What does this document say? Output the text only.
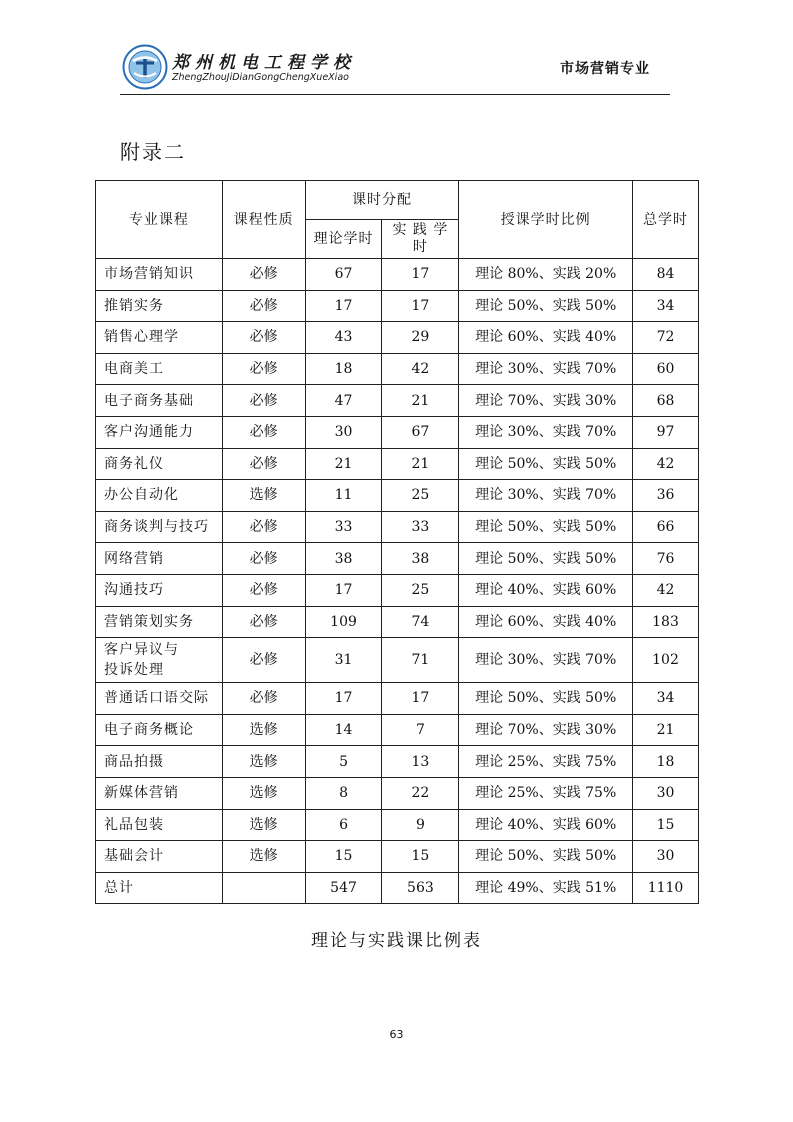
郑州机电工程学校
ZhengZhouJiDianGongChengXueXiao
市场营销专业
附录二
专业课程	课程性质	课时分配		授课学时比例	总学时
		理论学时	实 践 学 时		
市场营销知识	必修	67	17	理论 80%、实践 20%	84
推销实务	必修	17	17	理论 50%、实践 50%	34
销售心理学	必修	43	29	理论 60%、实践 40%	72
电商美工	必修	18	42	理论 30%、实践 70%	60
电子商务基础	必修	47	21	理论 70%、实践 30%	68
客户沟通能力	必修	30	67	理论 30%、实践 70%	97
商务礼仪	必修	21	21	理论 50%、实践 50%	42
办公自动化	选修	11	25	理论 30%、实践 70%	36
商务谈判与技巧	必修	33	33	理论 50%、实践 50%	66
网络营销	必修	38	38	理论 50%、实践 50%	76
沟通技巧	必修	17	25	理论 40%、实践 60%	42
营销策划实务	必修	109	74	理论 60%、实践 40%	183
客户异议与
投诉处理	必修	31	71	理论 30%、实践 70%	102
普通话口语交际	必修	17	17	理论 50%、实践 50%	34
电子商务概论	选修	14	7	理论 70%、实践 30%	21
商品拍摄	选修	5	13	理论 25%、实践 75%	18
新媒体营销	选修	8	22	理论 25%、实践 75%	30
礼品包装	选修	6	9	理论 40%、实践 60%	15
基础会计	选修	15	15	理论 50%、实践 50%	30
总计		547	563	理论 49%、实践 51%	1110
理论与实践课比例表
63
